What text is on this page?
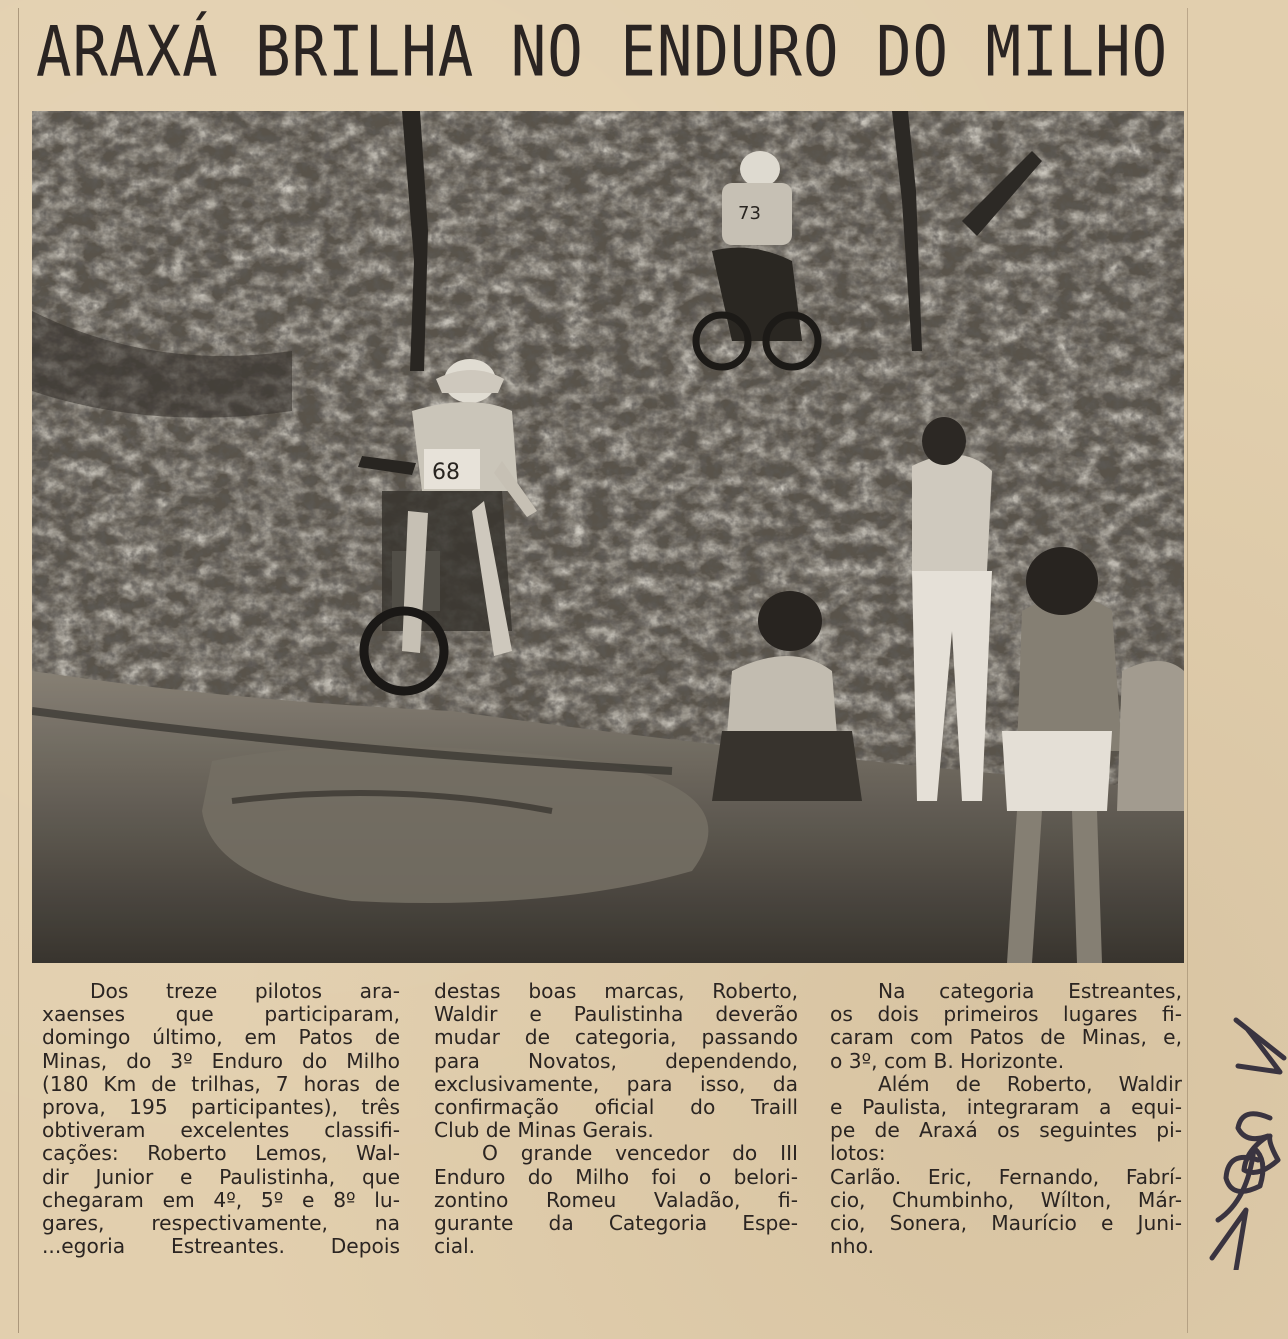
ARAXÁ BRILHA NO ENDURO DO MILHO
73
68
Dos treze pilotos ara-
xaenses que participaram,
domingo último, em Patos de
Minas, do 3º Enduro do Milho
(180 Km de trilhas, 7 horas de
prova, 195 participantes), três
obtiveram excelentes classifi-
cações: Roberto Lemos, Wal-
dir Junior e Paulistinha, que
chegaram em 4º, 5º e 8º lu-
gares, respectivamente, na
...egoria Estreantes. Depois
destas boas marcas, Roberto,
Waldir e Paulistinha deverão
mudar de categoria, passando
para Novatos, dependendo,
exclusivamente, para isso, da
confirmação oficial do Traill
Club de Minas Gerais.
O grande vencedor do III
Enduro do Milho foi o belori-
zontino Romeu Valadão, fi-
gurante da Categoria Espe-
cial.
Na categoria Estreantes,
os dois primeiros lugares fi-
caram com Patos de Minas, e,
o 3º, com B. Horizonte.
Além de Roberto, Waldir
e Paulista, integraram a equi-
pe de Araxá os seguintes pi-
lotos:
Carlão. Eric, Fernando, Fabrí-
cio, Chumbinho, Wílton, Már-
cio, Sonera, Maurício e Juni-
nho.
